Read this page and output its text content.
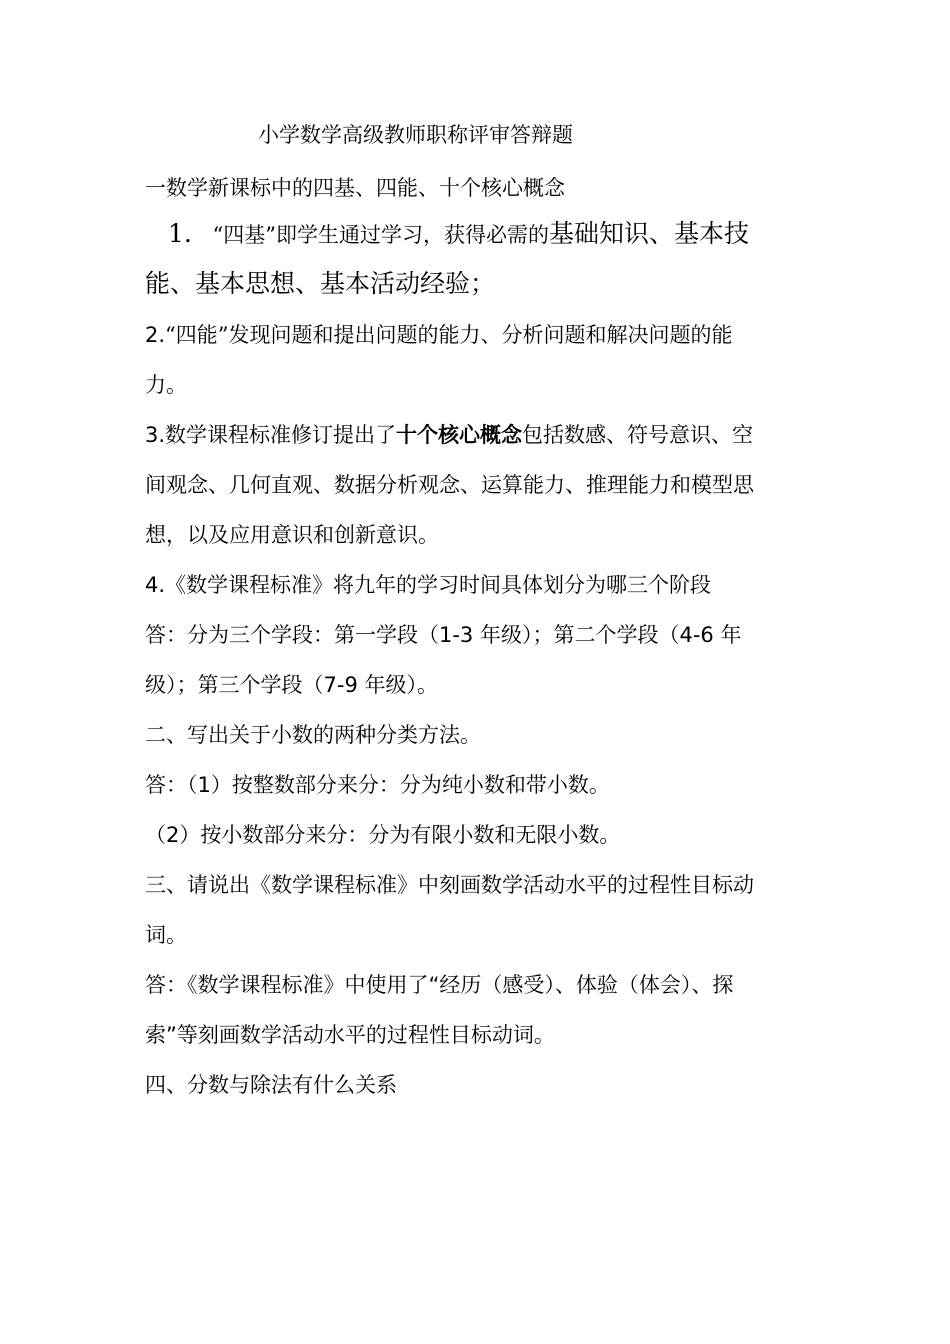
小学数学高级教师职称评审答辩题
一数学新课标中的四基、四能、十个核心概念
1. “四基”即学生通过学习，获得必需的基础知识、基本技
能、基本思想、基本活动经验；
2.“四能”发现问题和提出问题的能力、分析问题和解决问题的能
力。
3.数学课程标准修订提出了十个核心概念包括数感、符号意识、空
间观念、几何直观、数据分析观念、运算能力、推理能力和模型思
想，以及应用意识和创新意识。
4.《数学课程标准》将九年的学习时间具体划分为哪三个阶段
答：分为三个学段：第一学段（1-3 年级）；第二个学段（4-6 年
级）；第三个学段（7-9 年级）。
二、写出关于小数的两种分类方法。
答：（1）按整数部分来分：分为纯小数和带小数。
（2）按小数部分来分：分为有限小数和无限小数。
三、请说出《数学课程标准》中刻画数学活动水平的过程性目标动
词。
答：《数学课程标准》中使用了“经历（感受）、体验（体会）、探
索”等刻画数学活动水平的过程性目标动词。
四、分数与除法有什么关系
